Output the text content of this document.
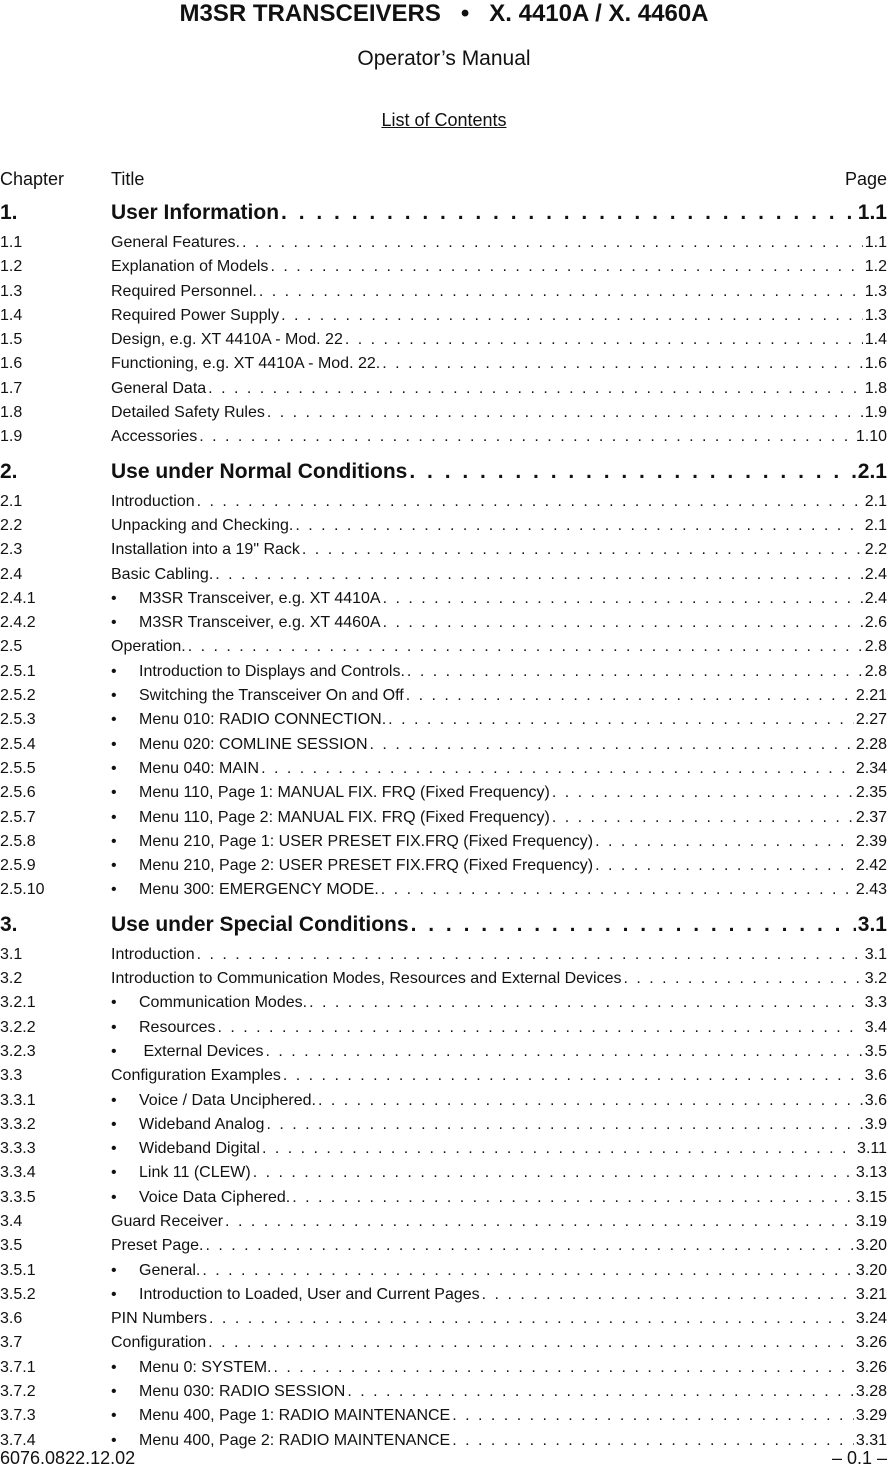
M3SR TRANSCEIVERS   •   X. 4410A / X. 4460A
Operator’s Manual
List of Contents
Chapter	Title	Page
1.	User Information . . .	1.1
1.1	General Features. . . .	1.1
1.2	Explanation of Models . . .	1.2
1.3	Required Personnel. . . .	1.3
1.4	Required Power Supply . . .	1.3
1.5	Design, e.g. XT 4410A - Mod. 22 . . .	1.4
1.6	Functioning, e.g. XT 4410A - Mod. 22. . . .	1.6
1.7	General Data . . .	1.8
1.8	Detailed Safety Rules . . .	1.9
1.9	Accessories . . .	1.10
2.	Use under Normal Conditions . . .	2.1
2.1	Introduction . . .	2.1
2.2	Unpacking and Checking. . . .	2.1
2.3	Installation into a 19" Rack . . .	2.2
2.4	Basic Cabling. . . .	2.4
2.4.1	•	M3SR Transceiver, e.g. XT 4410A . . .	2.4
2.4.2	•	M3SR Transceiver, e.g. XT 4460A . . .	2.6
2.5	Operation. . . .	2.8
2.5.1	•	Introduction to Displays and Controls. . . .	2.8
2.5.2	•	Switching the Transceiver On and Off . . .	2.21
2.5.3	•	Menu 010: RADIO CONNECTION. . . .	2.27
2.5.4	•	Menu 020: COMLINE SESSION . . .	2.28
2.5.5	•	Menu 040: MAIN . . .	2.34
2.5.6	•	Menu 110, Page 1: MANUAL FIX. FRQ (Fixed Frequency) . . .	2.35
2.5.7	•	Menu 110, Page 2: MANUAL FIX. FRQ (Fixed Frequency) . . .	2.37
2.5.8	•	Menu 210, Page 1: USER PRESET FIX.FRQ (Fixed Frequency) . . .	2.39
2.5.9	•	Menu 210, Page 2: USER PRESET FIX.FRQ (Fixed Frequency) . . .	2.42
2.5.10	•	Menu 300: EMERGENCY MODE. . . .	2.43
3.	Use under Special Conditions . . .	3.1
3.1	Introduction . . .	3.1
3.2	Introduction to Communication Modes, Resources and External Devices . . .	3.2
3.2.1	•	Communication Modes. . . .	3.3
3.2.2	•	Resources . . .	3.4
3.2.3	•	External Devices . . .	3.5
3.3	Configuration Examples . . .	3.6
3.3.1	•	Voice / Data Unciphered. . . .	3.6
3.3.2	•	Wideband Analog . . .	3.9
3.3.3	•	Wideband Digital . . .	3.11
3.3.4	•	Link 11 (CLEW) . . .	3.13
3.3.5	•	Voice Data Ciphered. . . .	3.15
3.4	Guard Receiver . . .	3.19
3.5	Preset Page. . . .	3.20
3.5.1	•	General. . . .	3.20
3.5.2	•	Introduction to Loaded, User and Current Pages . . .	3.21
3.6	PIN Numbers . . .	3.24
3.7	Configuration . . .	3.26
3.7.1	•	Menu 0: SYSTEM. . . .	3.26
3.7.2	•	Menu 030: RADIO SESSION . . .	3.28
3.7.3	•	Menu 400, Page 1: RADIO MAINTENANCE . . .	3.29
3.7.4	•	Menu 400, Page 2: RADIO MAINTENANCE . . .	3.31
6076.0822.12.02	– 0.1 –
